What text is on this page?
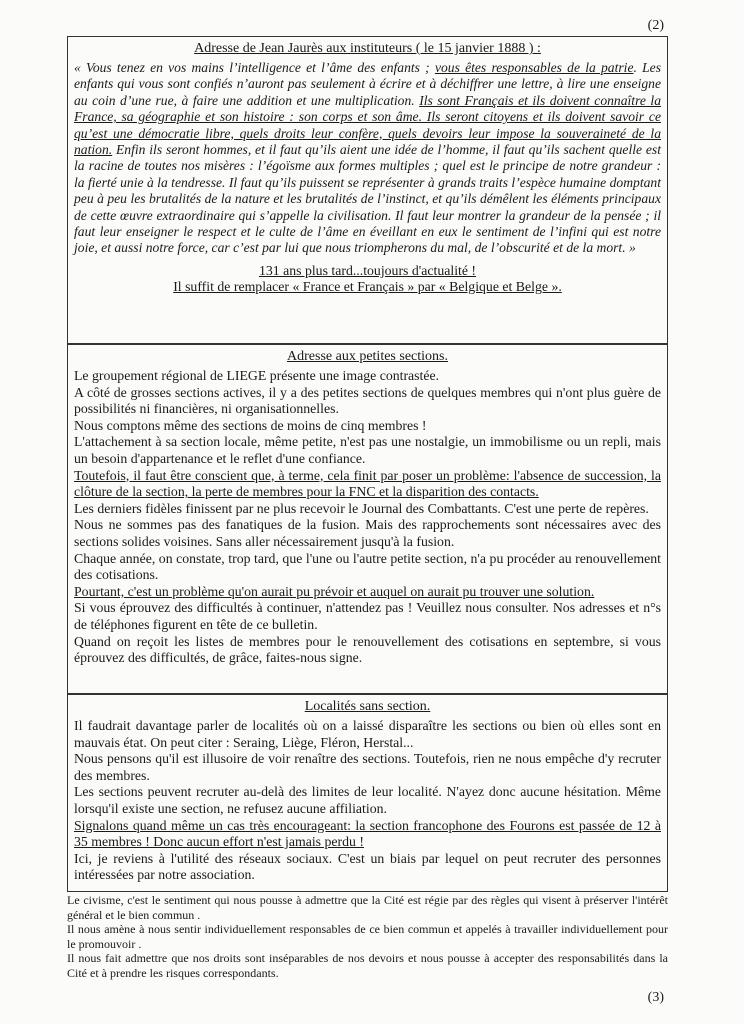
(2)
Adresse de Jean Jaurès aux instituteurs ( le 15 janvier 1888 ) :

« Vous tenez en vos mains l’intelligence et l’âme des enfants ; vous êtes responsables de la patrie. Les enfants qui vous sont confiés n’auront pas seulement à écrire et à déchiffrer une lettre, à lire une enseigne au coin d’une rue, à faire une addition et une multiplication. Ils sont Français et ils doivent connaître la France, sa géographie et son histoire : son corps et son âme. Ils seront citoyens et ils doivent savoir ce qu’est une démocratie libre, quels droits leur confère, quels devoirs leur impose la souveraineté de la nation. Enfin ils seront hommes, et il faut qu’ils aient une idée de l’homme, il faut qu’ils sachent quelle est la racine de toutes nos misères : l’égoïsme aux formes multiples ; quel est le principe de notre grandeur : la fierté unie à la tendresse. Il faut qu’ils puissent se représenter à grands traits l’espèce humaine domptant peu à peu les brutalités de la nature et les brutalités de l’instinct, et qu’ils démêlent les éléments principaux de cette œuvre extraordinaire qui s’appelle la civilisation. Il faut leur montrer la grandeur de la pensée ; il faut leur enseigner le respect et le culte de l’âme en éveillant en eux le sentiment de l’infini qui est notre joie, et aussi notre force, car c’est par lui que nous triompherons du mal, de l’obscurité et de la mort. »

131 ans plus tard...toujours d'actualité !
Il suffit de remplacer « France et Français » par « Belgique et Belge ».
Adresse aux petites sections.

Le groupement régional de LIEGE présente une image contrastée.

A côté de grosses sections actives, il y a des petites sections de quelques membres qui n'ont plus guère de possibilités ni financières, ni organisationnelles.

Nous comptons même des sections de moins de cinq membres !

L'attachement à sa section locale, même petite, n'est pas une nostalgie, un immobilisme ou un repli, mais un besoin d'appartenance et le reflet d'une confiance.

Toutefois, il faut être conscient que, à terme, cela finit par poser un problème: l'absence de succession, la clôture de la section, la perte de membres pour la FNC et la disparition des contacts.

Les derniers fidèles finissent par ne plus recevoir le Journal des Combattants. C'est une perte de repères.

Nous ne sommes pas des fanatiques de la fusion. Mais des rapprochements sont nécessaires avec des sections solides voisines. Sans aller nécessairement jusqu'à la fusion.

Chaque année, on constate, trop tard, que l'une ou l'autre petite section, n'a pu procéder au renouvellement des cotisations.

Pourtant, c'est un problème qu'on aurait pu prévoir et auquel on aurait pu trouver une solution.

Si vous éprouvez des difficultés à continuer, n'attendez pas ! Veuillez nous consulter. Nos adresses et n°s de téléphones figurent en tête de ce bulletin.

Quand on reçoit les listes de membres pour le renouvellement des cotisations en septembre, si vous éprouvez des difficultés, de grâce, faites-nous signe.

Localités sans section.

Il faudrait davantage parler de localités où on a laissé disparaître les sections ou bien où elles sont en mauvais état. On peut citer : Seraing, Liège, Fléron, Herstal...

Nous pensons qu'il est illusoire de voir renaître des sections. Toutefois, rien ne nous empêche d'y recruter des membres.

Les sections peuvent recruter au-delà des limites de leur localité. N'ayez donc aucune hésitation. Même lorsqu'il existe une section, ne refusez aucune affiliation.

Signalons quand même un cas très encourageant: la section francophone des Fourons est passée de 12 à 35 membres ! Donc aucun effort n'est jamais perdu !

Ici, je reviens à l'utilité des réseaux sociaux. C'est un biais par lequel on peut recruter des personnes intéressées par notre association.

Le civisme, c'est le sentiment qui nous pousse à admettre que la Cité est régie par des règles qui visent à préserver l'intérêt général et le bien commun .

Il nous amène à nous sentir individuellement responsables de ce bien commun et appelés à travailler individuellement pour le promouvoir .

Il nous fait admettre que nos droits sont inséparables de nos devoirs et nous pousse à accepter des responsabilités dans la Cité et à prendre les risques correspondants.

(3)
